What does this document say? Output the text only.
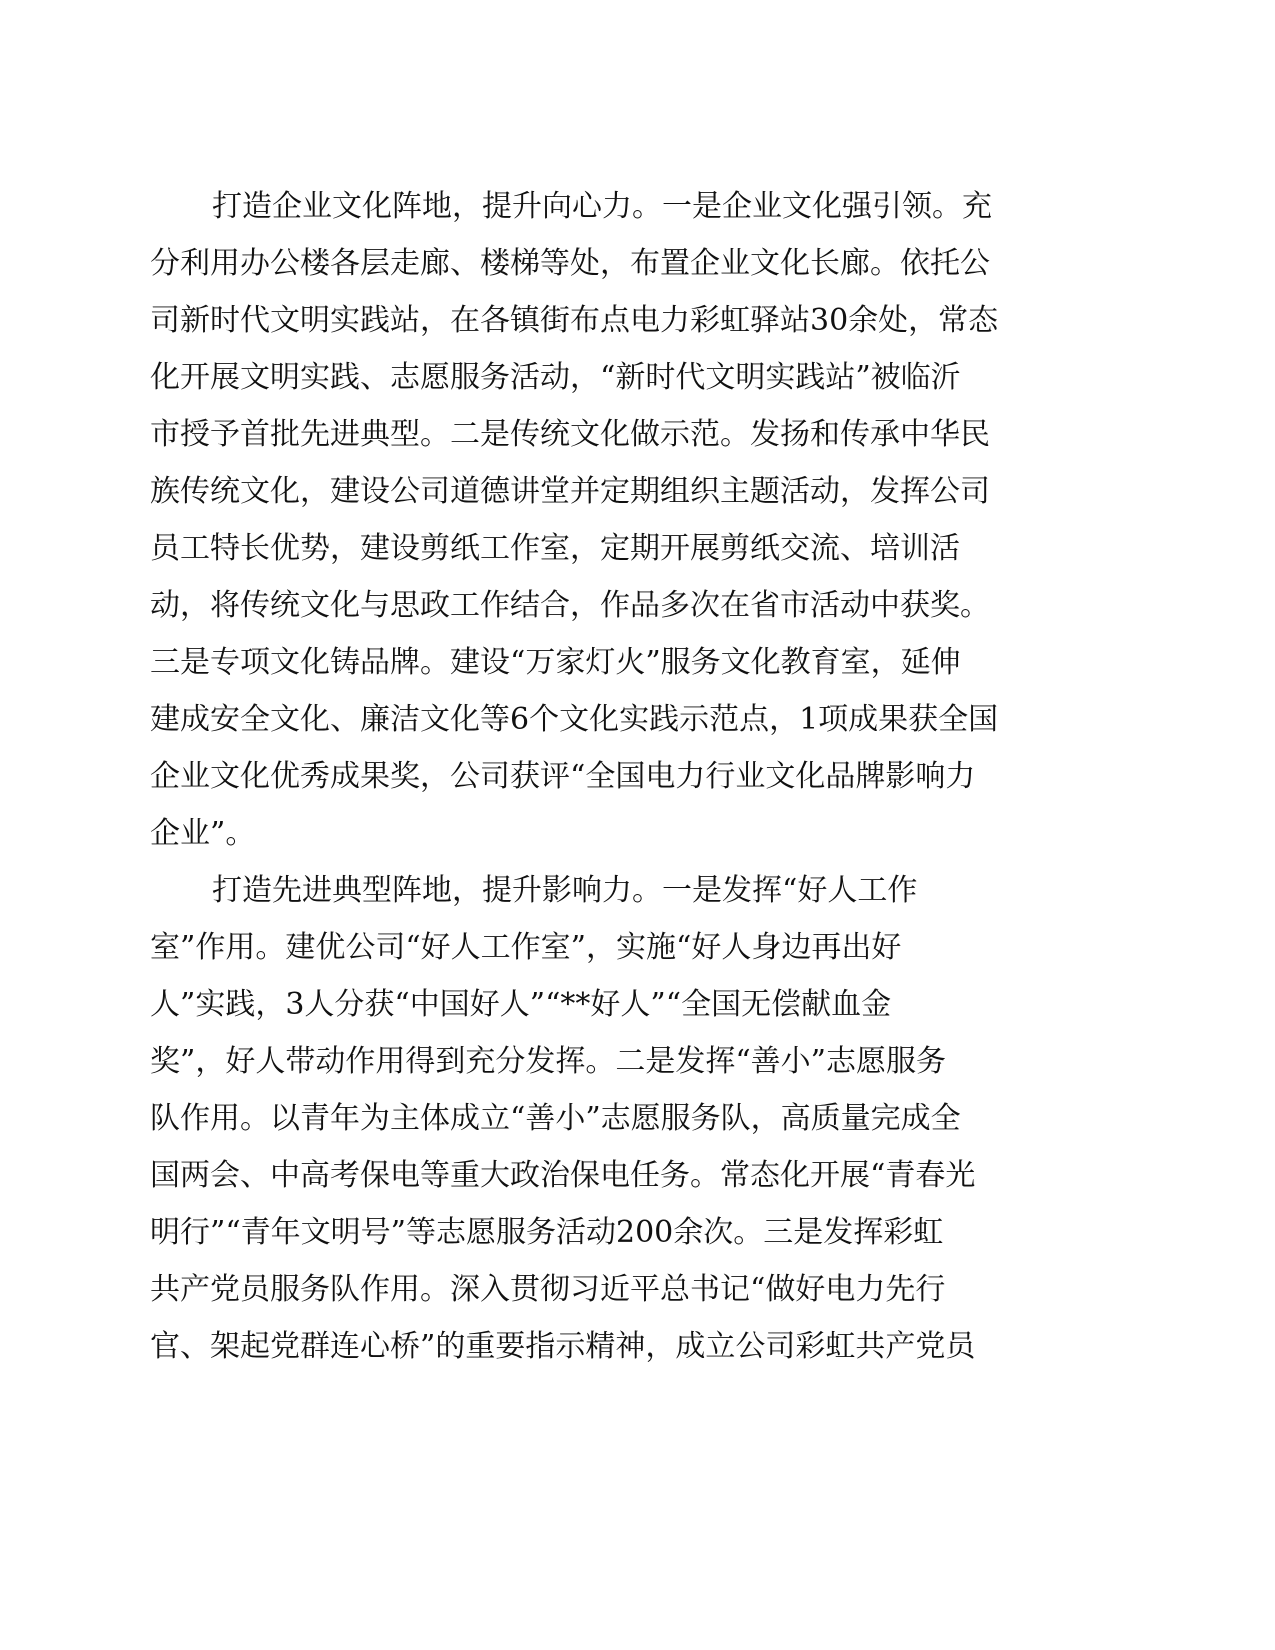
打造企业文化阵地，提升向心力。一是企业文化强引领。充
分利用办公楼各层走廊、楼梯等处，布置企业文化长廊。依托公
司新时代文明实践站，在各镇街布点电力彩虹驿站30余处，常态
化开展文明实践、志愿服务活动，“新时代文明实践站”被临沂
市授予首批先进典型。二是传统文化做示范。发扬和传承中华民
族传统文化，建设公司道德讲堂并定期组织主题活动，发挥公司
员工特长优势，建设剪纸工作室，定期开展剪纸交流、培训活
动，将传统文化与思政工作结合，作品多次在省市活动中获奖。
三是专项文化铸品牌。建设“万家灯火”服务文化教育室，延伸
建成安全文化、廉洁文化等6个文化实践示范点，1项成果获全国
企业文化优秀成果奖，公司获评“全国电力行业文化品牌影响力
企业”。
打造先进典型阵地，提升影响力。一是发挥“好人工作
室”作用。建优公司“好人工作室”，实施“好人身边再出好
人”实践，3人分获“中国好人”“**好人”“全国无偿献血金
奖”，好人带动作用得到充分发挥。二是发挥“善小”志愿服务
队作用。以青年为主体成立“善小”志愿服务队，高质量完成全
国两会、中高考保电等重大政治保电任务。常态化开展“青春光
明行”“青年文明号”等志愿服务活动200余次。三是发挥彩虹
共产党员服务队作用。深入贯彻习近平总书记“做好电力先行
官、架起党群连心桥”的重要指示精神，成立公司彩虹共产党员
